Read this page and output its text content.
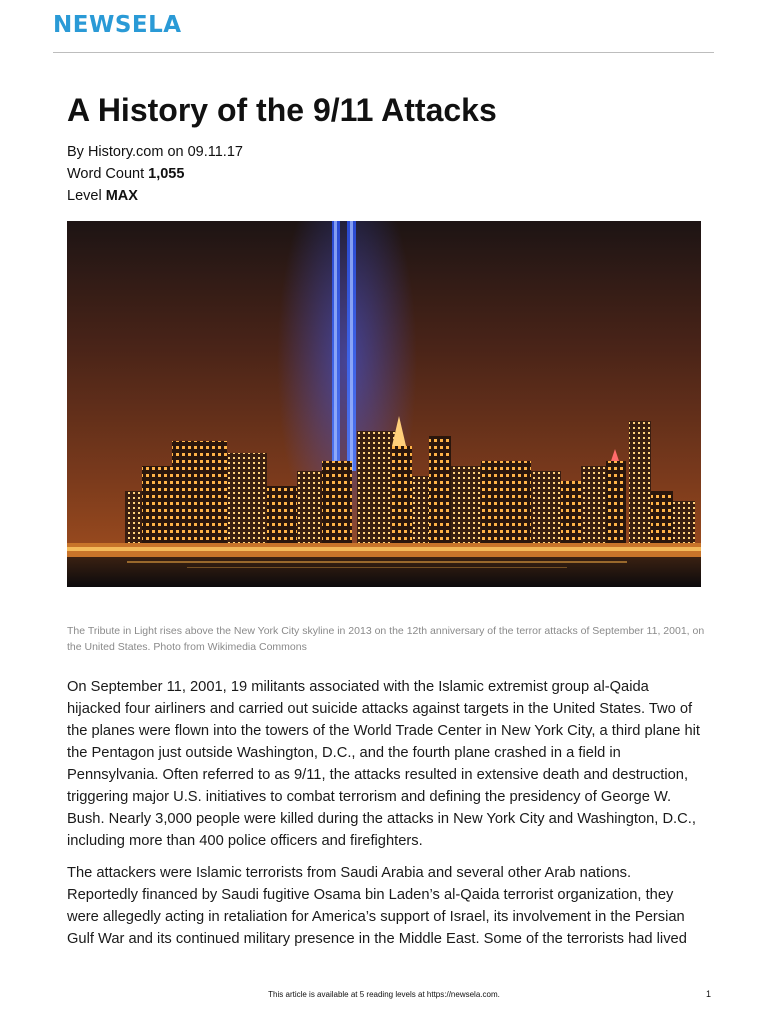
NEWSELA
A History of the 9/11 Attacks
By History.com on 09.11.17
Word Count 1,055
Level MAX
The Tribute in Light rises above the New York City skyline in 2013 on the 12th anniversary of the terror attacks of September 11, 2001, on the United States. Photo from Wikimedia Commons

On September 11, 2001, 19 militants associated with the Islamic extremist group al-Qaida hijacked four airliners and carried out suicide attacks against targets in the United States. Two of the planes were flown into the towers of the World Trade Center in New York City, a third plane hit the Pentagon just outside Washington, D.C., and the fourth plane crashed in a field in Pennsylvania. Often referred to as 9/11, the attacks resulted in extensive death and destruction, triggering major U.S. initiatives to combat terrorism and defining the presidency of George W. Bush. Nearly 3,000 people were killed during the attacks in New York City and Washington, D.C., including more than 400 police officers and firefighters.

The attackers were Islamic terrorists from Saudi Arabia and several other Arab nations. Reportedly financed by Saudi fugitive Osama bin Laden’s al-Qaida terrorist organization, they were allegedly acting in retaliation for America’s support of Israel, its involvement in the Persian Gulf War and its continued military presence in the Middle East. Some of the terrorists had lived

This article is available at 5 reading levels at https://newsela.com.	1
